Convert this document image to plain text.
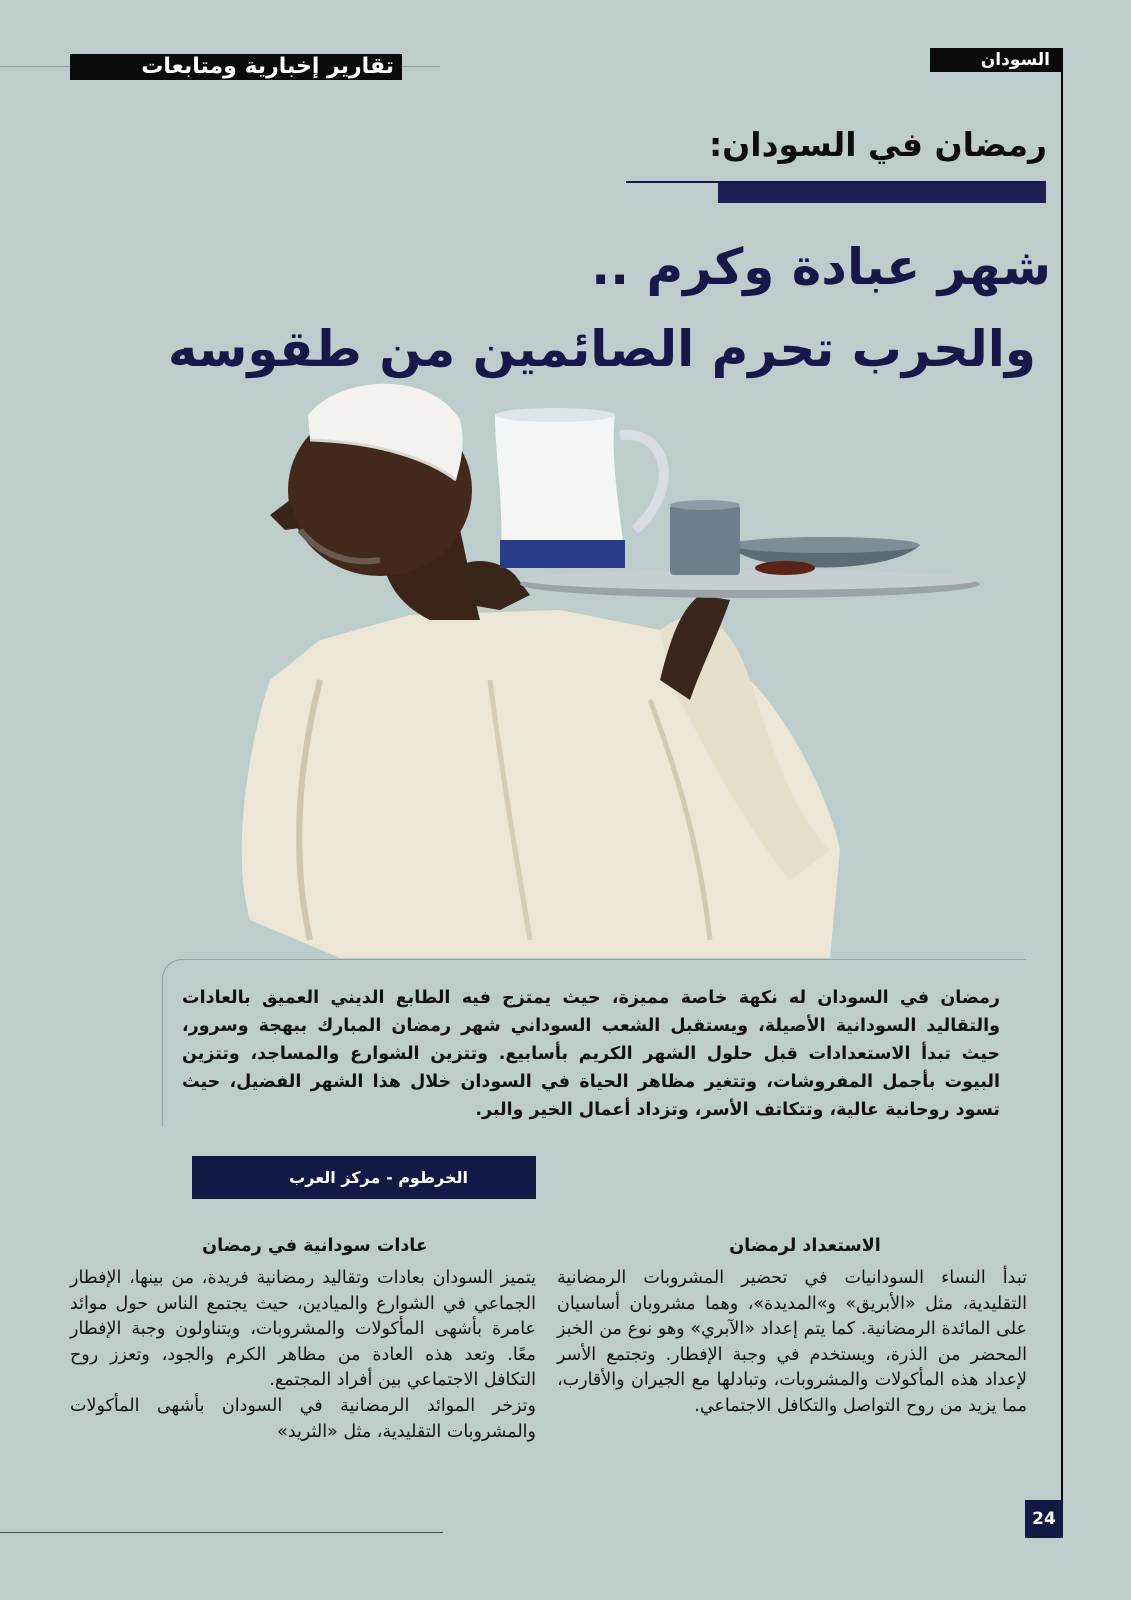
السودان
تقارير إخبارية ومتابعات
رمضان في السودان:
شهر عبادة وكرم ..
والحرب تحرم الصائمين من طقوسه
رمضان في السودان له نكهة خاصة مميزة، حيث يمتزج فيه الطابع الديني العميق بالعادات والتقاليد السودانية الأصيلة، ويستقبل الشعب السوداني شهر رمضان المبارك ببهجة وسرور، حيث تبدأ الاستعدادات قبل حلول الشهر الكريم بأسابيع. وتتزين الشوارع والمساجد، وتتزين البيوت بأجمل المفروشات، وتتغير مظاهر الحياة في السودان خلال هذا الشهر الفضيل، حيث تسود روحانية عالية، وتتكاتف الأسر، وتزداد أعمال الخير والبر.
الخرطوم - مركز العرب
الاستعداد لرمضان

تبدأ النساء السودانيات في تحضير المشروبات الرمضانية التقليدية، مثل «الأبريق» و»المديدة»، وهما مشروبان أساسيان على المائدة الرمضانية. كما يتم إعداد «الآبري» وهو نوع من الخبز المحضر من الذرة، ويستخدم في وجبة الإفطار. وتجتمع الأسر لإعداد هذه المأكولات والمشروبات، وتبادلها مع الجيران والأقارب، مما يزيد من روح التواصل والتكافل الاجتماعي.

عادات سودانية في رمضان

يتميز السودان بعادات وتقاليد رمضانية فريدة، من بينها، الإفطار الجماعي في الشوارع والميادين، حيث يجتمع الناس حول موائد عامرة بأشهى المأكولات والمشروبات، ويتناولون وجبة الإفطار معًا. وتعد هذه العادة من مظاهر الكرم والجود، وتعزز روح التكافل الاجتماعي بين أفراد المجتمع.

وتزخر الموائد الرمضانية في السودان بأشهى المأكولات والمشروبات التقليدية، مثل «الثريد»

24
